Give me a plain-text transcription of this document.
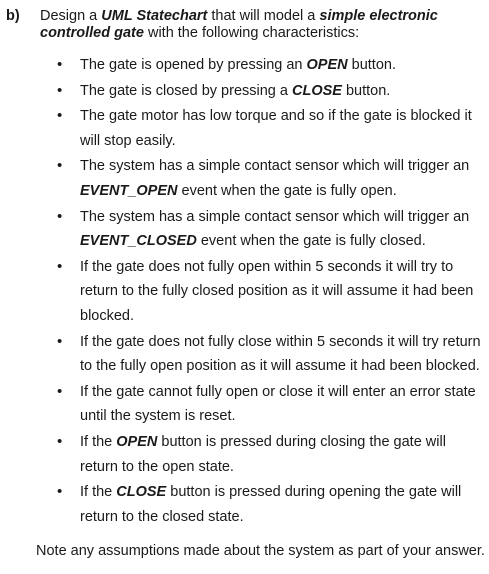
b) Design a UML Statechart that will model a simple electronic controlled gate with the following characteristics:
• The gate is opened by pressing an OPEN button.
• The gate is closed by pressing a CLOSE button.
• The gate motor has low torque and so if the gate is blocked it will stop easily.
• The system has a simple contact sensor which will trigger an EVENT_OPEN event when the gate is fully open.
• The system has a simple contact sensor which will trigger an EVENT_CLOSED event when the gate is fully closed.
• If the gate does not fully open within 5 seconds it will try to return to the fully closed position as it will assume it had been blocked.
• If the gate does not fully close within 5 seconds it will try return to the fully open position as it will assume it had been blocked.
• If the gate cannot fully open or close it will enter an error state until the system is reset.
• If the OPEN button is pressed during closing the gate will return to the open state.
• If the CLOSE button is pressed during opening the gate will return to the closed state.
Note any assumptions made about the system as part of your answer.
